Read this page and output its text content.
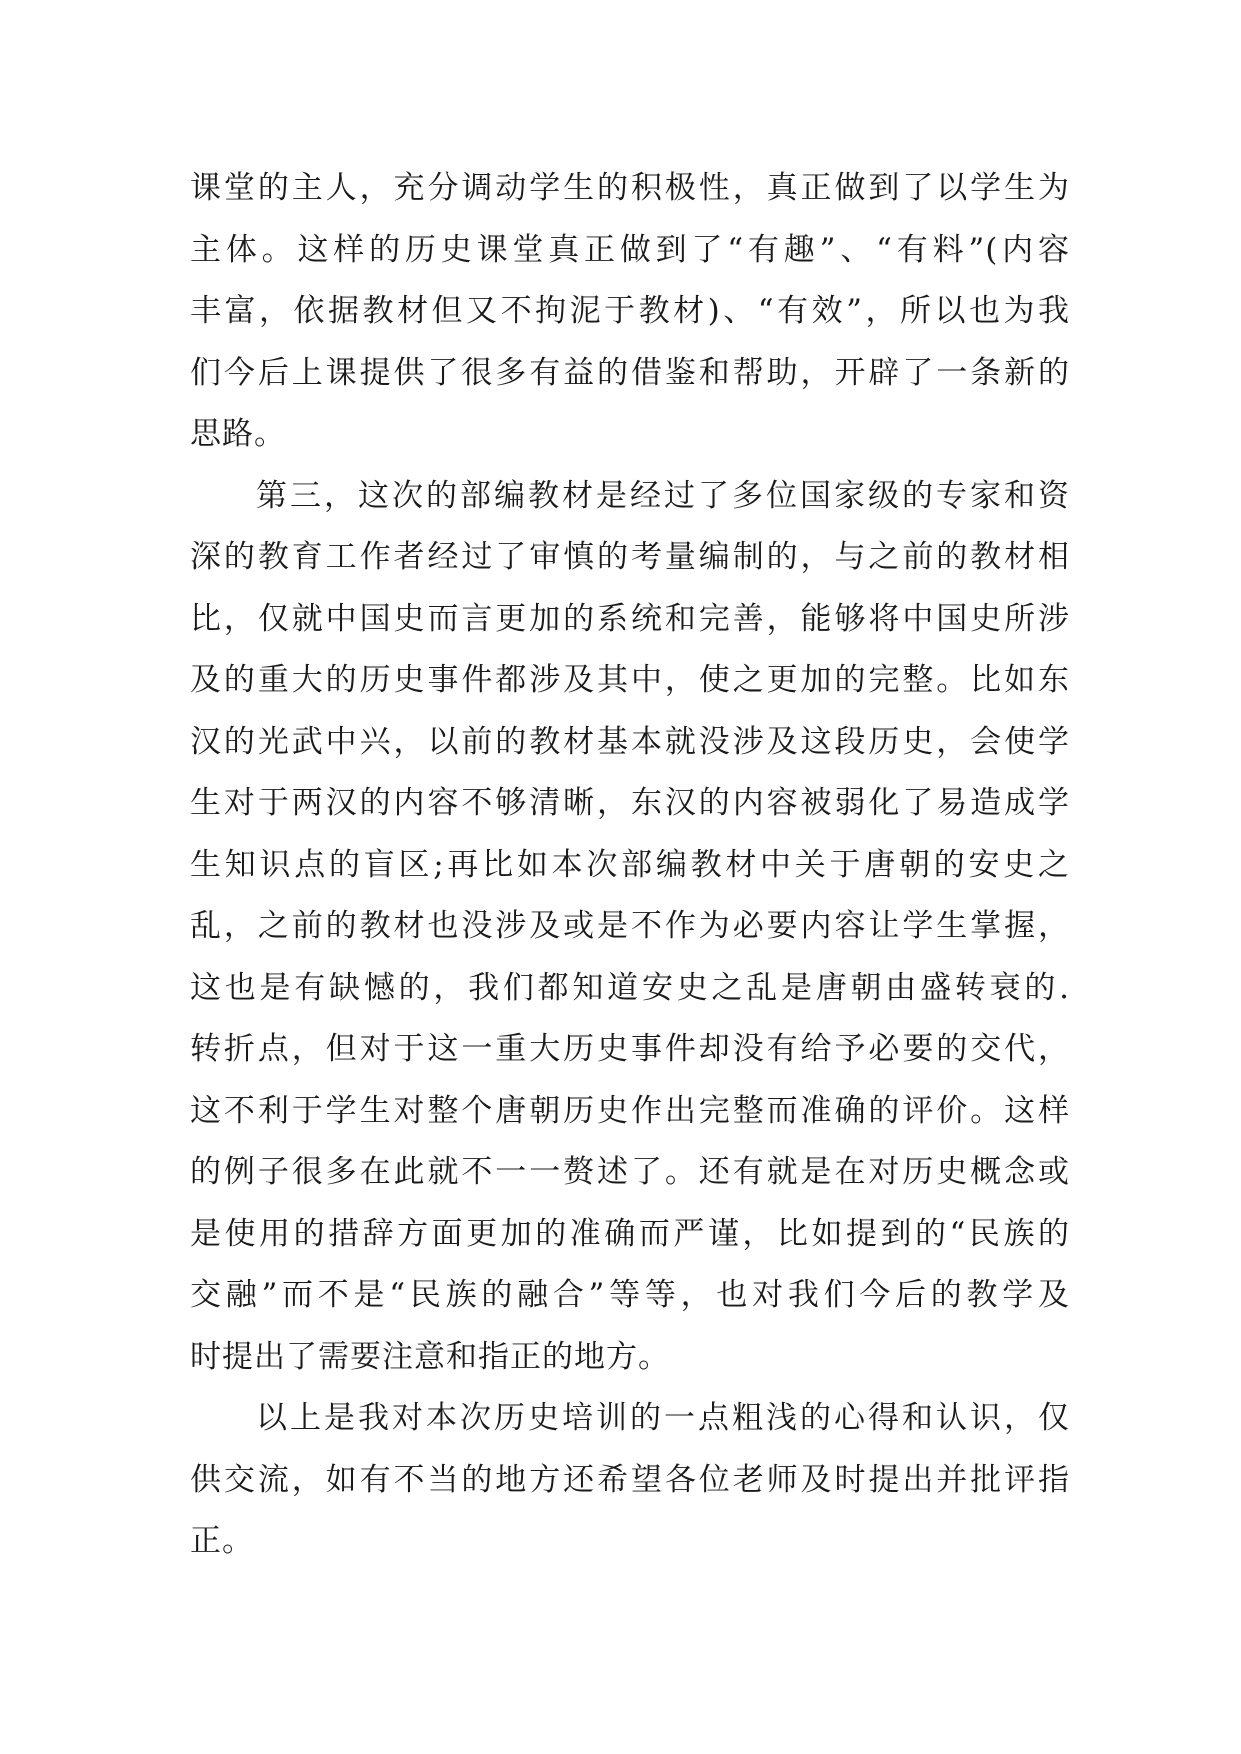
课堂的主人，充分调动学生的积极性，真正做到了以学生为
主体。这样的历史课堂真正做到了“有趣”、“有料”(内容
丰富，依据教材但又不拘泥于教材)、“有效”，所以也为我
们今后上课提供了很多有益的借鉴和帮助，开辟了一条新的
思路。
第三，这次的部编教材是经过了多位国家级的专家和资
深的教育工作者经过了审慎的考量编制的，与之前的教材相
比，仅就中国史而言更加的系统和完善，能够将中国史所涉
及的重大的历史事件都涉及其中，使之更加的完整。比如东
汉的光武中兴，以前的教材基本就没涉及这段历史，会使学
生对于两汉的内容不够清晰，东汉的内容被弱化了易造成学
生知识点的盲区;再比如本次部编教材中关于唐朝的安史之
乱，之前的教材也没涉及或是不作为必要内容让学生掌握，
这也是有缺憾的，我们都知道安史之乱是唐朝由盛转衰的.
转折点，但对于这一重大历史事件却没有给予必要的交代，
这不利于学生对整个唐朝历史作出完整而准确的评价。这样
的例子很多在此就不一一赘述了。还有就是在对历史概念或
是使用的措辞方面更加的准确而严谨，比如提到的“民族的
交融”而不是“民族的融合”等等，也对我们今后的教学及
时提出了需要注意和指正的地方。
以上是我对本次历史培训的一点粗浅的心得和认识，仅
供交流，如有不当的地方还希望各位老师及时提出并批评指
正。
